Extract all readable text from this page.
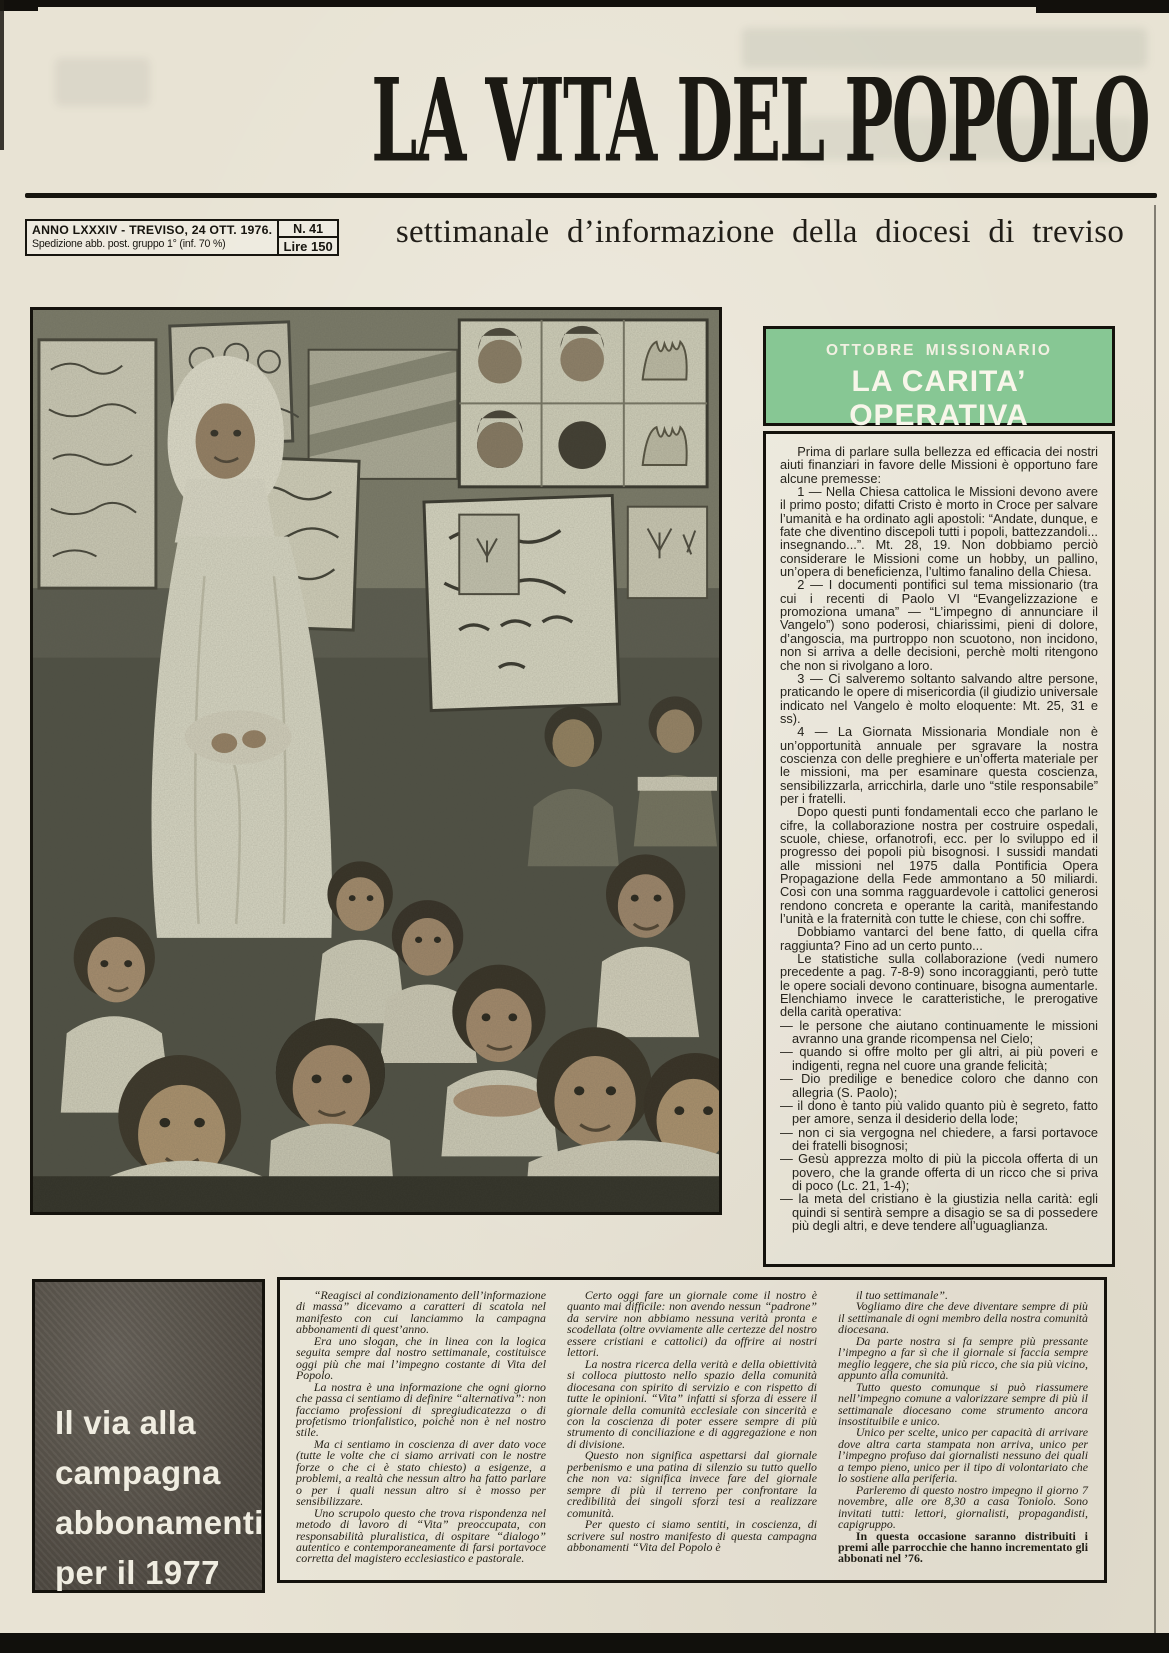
LA VITA DEL POPOLO
settimanale d’informazione della diocesi di treviso
ANNO LXXXIV - TREVISO, 24 OTT. 1976.
Spedizione abb. post. gruppo 1° (inf. 70 %)
N. 41
Lire 150
OTTOBRE MISSIONARIO
LA CARITA’ OPERATIVA

Prima di parlare sulla bellezza ed efficacia dei nostri aiuti finanziari in favore delle Missioni è opportuno fare alcune premesse:

1 — Nella Chiesa cattolica le Missioni devono avere il primo posto; difatti Cristo è morto in Croce per salvare l’umanità e ha ordinato agli apostoli: “Andate, dunque, e fate che diventino discepoli tutti i popoli, battezzandoli... insegnando...”. Mt. 28, 19. Non dobbiamo perciò considerare le Missioni come un hobby, un pallino, un’opera di beneficienza, l’ultimo fanalino della Chiesa.

2 — I documenti pontifici sul tema missionario (tra cui i recenti di Paolo VI “Evangelizzazione e promoziona umana” — “L’impegno di annunciare il Vangelo”) sono poderosi, chiarissimi, pieni di dolore, d’angoscia, ma purtroppo non scuotono, non incidono, non si arriva a delle decisioni, perchè molti ritengono che non si rivolgano a loro.

3 — Ci salveremo soltanto salvando altre persone, praticando le opere di misericordia (il giudizio universale indicato nel Vangelo è molto eloquente: Mt. 25, 31 e ss).

4 — La Giornata Missionaria Mondiale non è un’opportunità annuale per sgravare la nostra coscienza con delle preghiere e un’offerta materiale per le missioni, ma per esaminare questa coscienza, sensibilizzarla, arricchirla, darle uno “stile responsabile” per i fratelli.

Dopo questi punti fondamentali ecco che parlano le cifre, la collaborazione nostra per costruire ospedali, scuole, chiese, orfanotrofi, ecc. per lo sviluppo ed il progresso dei popoli più bisognosi. I sussidi mandati alle missioni nel 1975 dalla Pontificia Opera Propagazione della Fede ammontano a 50 miliardi. Così con una somma ragguardevole i cattolici generosi rendono concreta e operante la carità, manifestando l’unità e la fraternità con tutte le chiese, con chi soffre.

Dobbiamo vantarci del bene fatto, di quella cifra raggiunta? Fino ad un certo punto...

Le statistiche sulla collaborazione (vedi numero precedente a pag. 7-8-9) sono incoraggianti, però tutte le opere sociali devono continuare, bisogna aumentarle. Elenchiamo invece le caratteristiche, le prerogative della carità operativa:

— le persone che aiutano continuamente le missioni avranno una grande ricompensa nel Cielo;

— quando si offre molto per gli altri, ai più poveri e indigenti, regna nel cuore una grande felicità;

— Dio predilige e benedice coloro che danno con allegria (S. Paolo);

— il dono è tanto più valido quanto più è segreto, fatto per amore, senza il desiderio della lode;

— non ci sia vergogna nel chiedere, a farsi portavoce dei fratelli bisognosi;

— Gesù apprezza molto di più la piccola offerta di un povero, che la grande offerta di un ricco che si priva di poco (Lc. 21, 1-4);

— la meta del cristiano è la giustizia nella carità: egli quindi si sentirà sempre a disagio se sa di possedere più degli altri, e deve tendere all’uguaglianza.

Il via alla
campagna
abbonamenti
per il 1977

“Reagisci al condizionamento dell’informazione di massa” dicevamo a caratteri di scatola nel manifesto con cui lanciammo la campagna abbonamenti di quest’anno.

Era uno slogan, che in linea con la logica seguita sempre dal nostro settimanale, costituisce oggi più che mai l’impegno costante di Vita del Popolo.

La nostra è una informazione che ogni giorno che passa ci sentiamo di definire “alternativa”: non facciamo professioni di spregiudicatezza o di profetismo trionfalistico, poichè non è nel nostro stile.

Ma ci sentiamo in coscienza di aver dato voce (tutte le volte che ci siamo arrivati con le nostre forze o che ci è stato chiesto) a esigenze, a problemi, a realtà che nessun altro ha fatto parlare o per i quali nessun altro si è mosso per sensibilizzare.

Uno scrupolo questo che trova rispondenza nel metodo di lavoro di “Vita” preoccupata, con responsabilità pluralistica, di ospitare “dialogo” autentico e contemporaneamente di farsi portavoce corretta del magistero ecclesiastico e pastorale.

Certo oggi fare un giornale come il nostro è quanto mai difficile: non avendo nessun “padrone” da servire non abbiamo nessuna verità pronta e scodellata (oltre ovviamente alle certezze del nostro essere cristiani e cattolici) da offrire ai nostri lettori.

La nostra ricerca della verità e della obiettività si colloca piuttosto nello spazio della comunità diocesana con spirito di servizio e con rispetto di tutte le opinioni. “Vita” infatti si sforza di essere il giornale della comunità ecclesiale con sincerità e con la coscienza di poter essere sempre di più strumento di conciliazione e di aggregazione e non di divisione.

Questo non significa aspettarsi dal giornale perbenismo e una patina di silenzio su tutto quello che non va: significa invece fare del giornale sempre di più il terreno per confrontare la credibilità dei singoli sforzi tesi a realizzare comunità.

Per questo ci siamo sentiti, in coscienza, di scrivere sul nostro manifesto di questa campagna abbonamenti “Vita del Popolo è

il tuo settimanale”.

Vogliamo dire che deve diventare sempre di più il settimanale di ogni membro della nostra comunità diocesana.

Da parte nostra si fa sempre più pressante l’impegno a far sì che il giornale si faccia sempre meglio leggere, che sia più ricco, che sia più vicino, appunto alla comunità.

Tutto questo comunque si può riassumere nell’impegno comune a valorizzare sempre di più il settimanale diocesano come strumento ancora insostituibile e unico.

Unico per scelte, unico per capacità di arrivare dove altra carta stampata non arriva, unico per l’impegno profuso dai giornalisti nessuno dei quali a tempo pieno, unico per il tipo di volontariato che lo sostiene alla periferia.

Parleremo di questo nostro impegno il giorno 7 novembre, alle ore 8,30 a casa Toniolo. Sono invitati tutti: lettori, giornalisti, propagandisti, capigruppo.

In questa occasione saranno distribuiti i premi alle parrocchie che hanno incrementato gli abbonati nel ’76.
